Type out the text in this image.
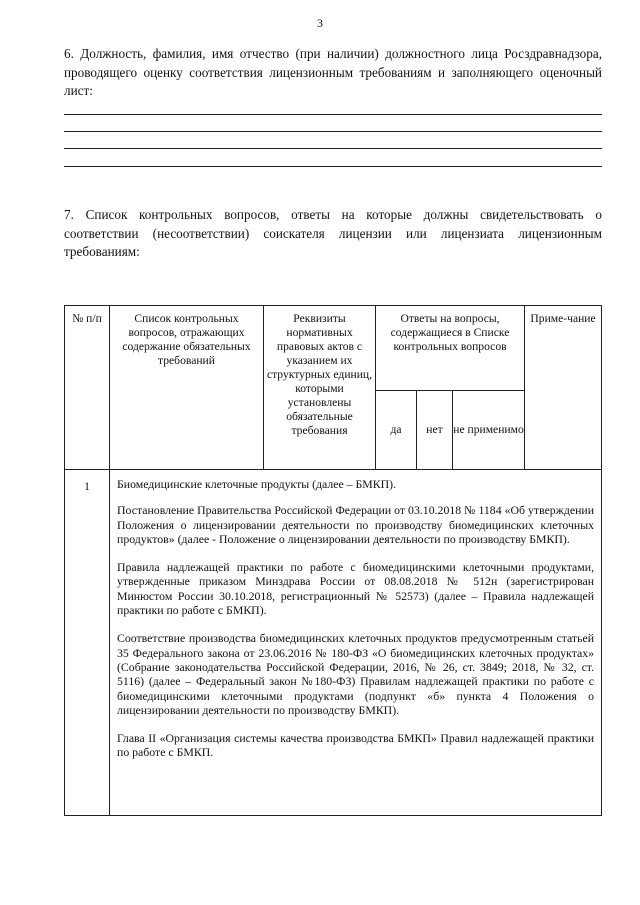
3
6. Должность, фамилия, имя отчество (при наличии) должностного лица Росздравнадзора, проводящего оценку соответствия лицензионным требованиям и заполняющего оценочный лист:
7. Список контрольных вопросов, ответы на которые должны свидетельствовать о соответствии (несоответствии) соискателя лицензии или лицензиата лицензионным требованиям:
№ п/п	Список контрольных вопросов, отражающих содержание обязательных требований	Реквизиты нормативных правовых актов с указанием их структурных единиц, которыми установлены обязательные требования	Ответы на вопросы, содержащиеся в Списке контрольных вопросов			Приме-чание
			да	нет	не применимо	
1	Биомедицинские клеточные продукты (далее – БМКП).

Постановление Правительства Российской Федерации от 03.10.2018 № 1184 «Об утверждении Положения о лицензировании деятельности по производству биомедицинских клеточных продуктов» (далее - Положение о лицензировании деятельности по производству БМКП).

Правила надлежащей практики по работе с биомедицинскими клеточными продуктами, утвержденные приказом Минздрава России от 08.08.2018 № 512н (зарегистрирован Минюстом России 30.10.2018, регистрационный № 52573) (далее – Правила надлежащей практики по работе с БМКП).

Соответствие производства биомедицинских клеточных продуктов предусмотренным статьей 35 Федерального закона от 23.06.2016 № 180-ФЗ «О биомедицинских клеточных продуктах» (Собрание законодательства Российской Федерации, 2016, № 26, ст. 3849; 2018, № 32, ст. 5116) (далее – Федеральный закон №180-ФЗ) Правилам надлежащей практики по работе с биомедицинскими клеточными продуктами (подпункт «б» пункта 4 Положения о лицензировании деятельности по производству БМКП).

Глава II «Организация системы качества производства БМКП» Правил надлежащей практики по работе с БМКП.					
